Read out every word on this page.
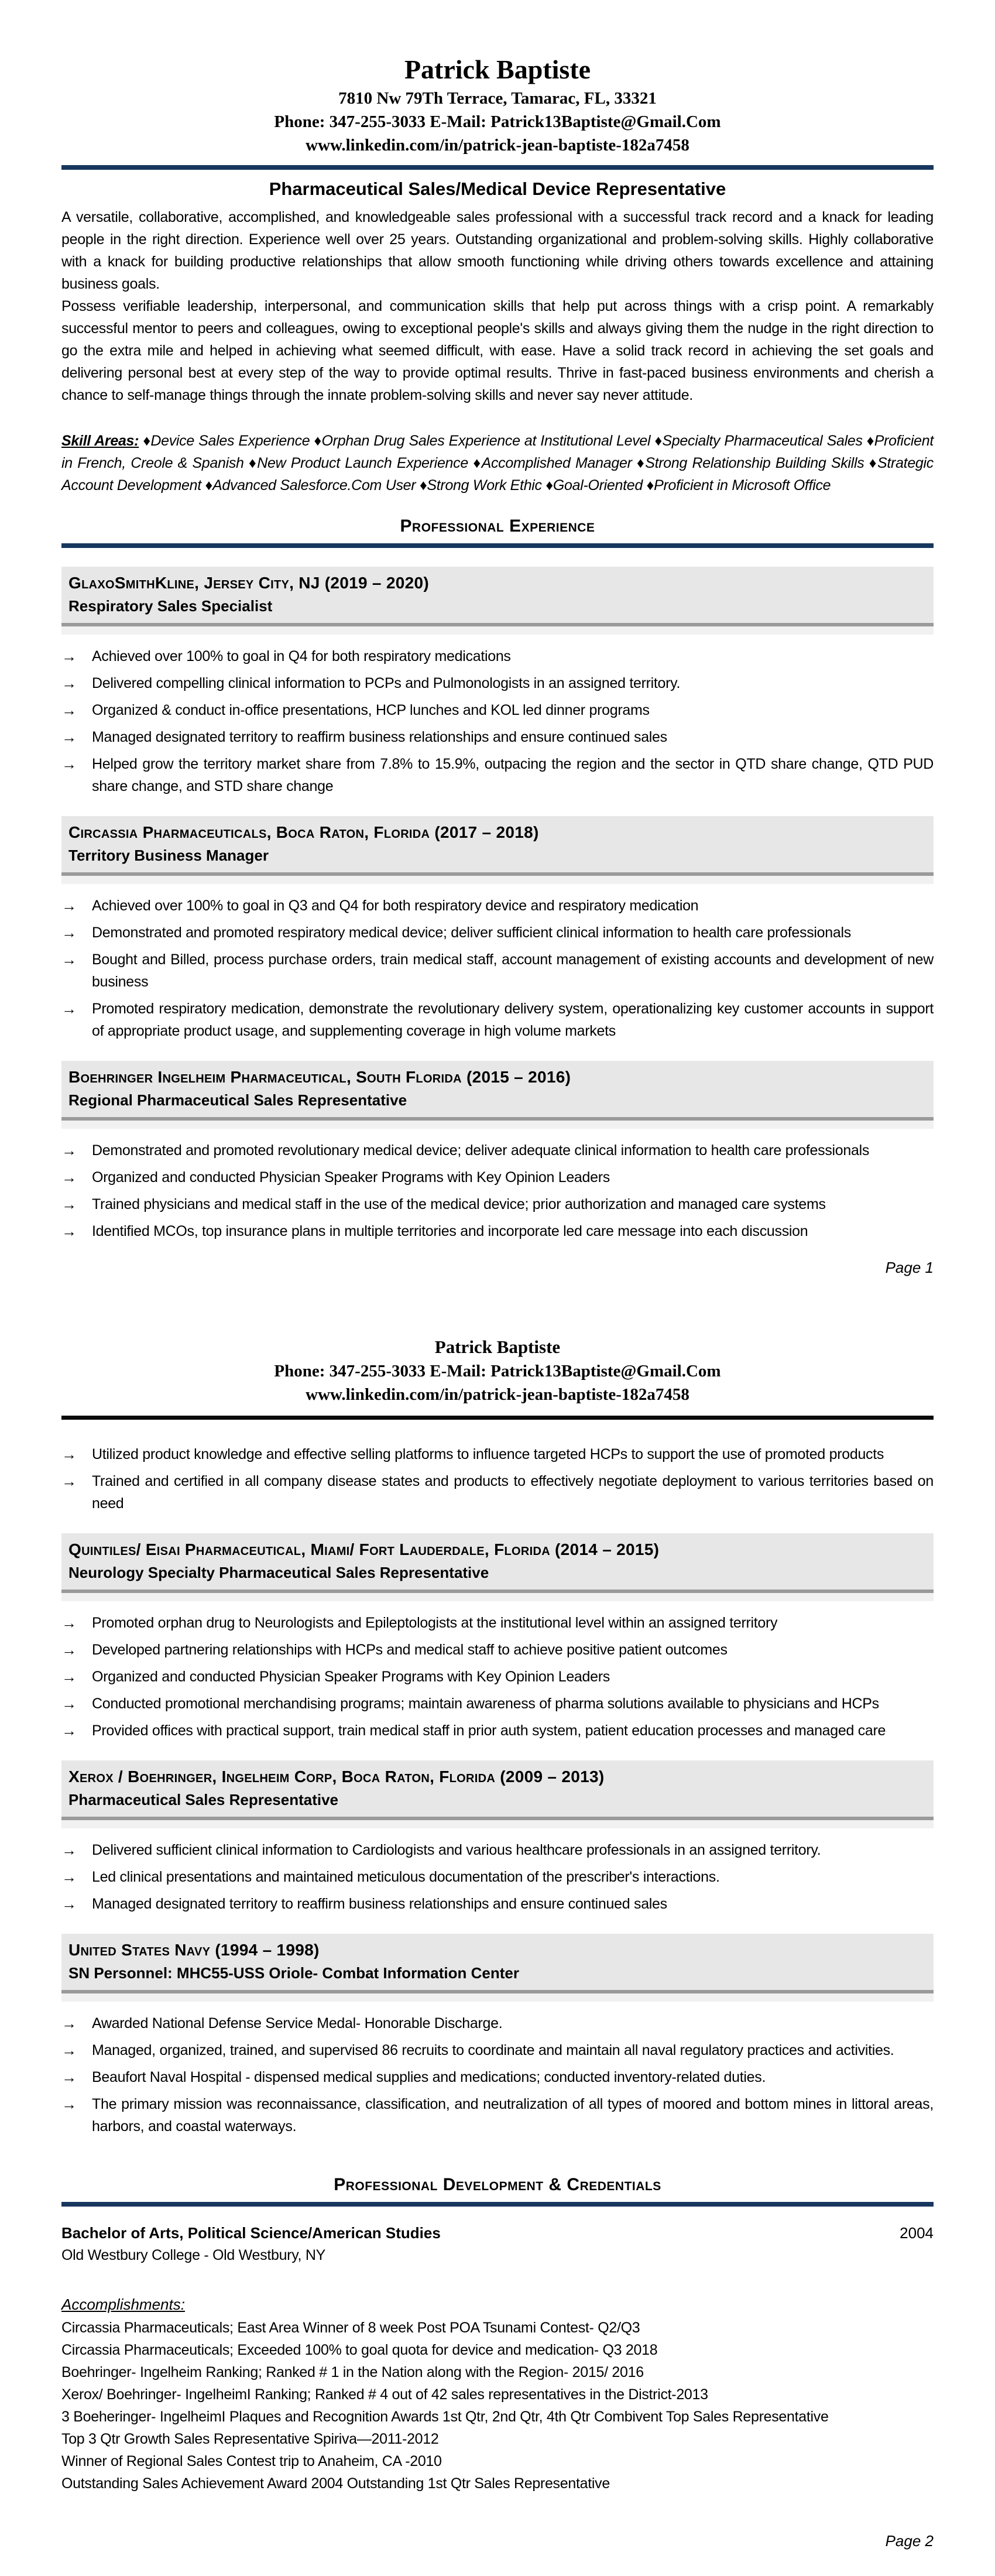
Patrick Baptiste
7810 Nw 79Th Terrace, Tamarac, FL, 33321
Phone: 347-255-3033 E-Mail: Patrick13Baptiste@Gmail.Com
www.linkedin.com/in/patrick-jean-baptiste-182a7458
Pharmaceutical Sales/Medical Device Representative

A versatile, collaborative, accomplished, and knowledgeable sales professional with a successful track record and a knack for leading people in the right direction. Experience well over 25 years. Outstanding organizational and problem-solving skills. Highly collaborative with a knack for building productive relationships that allow smooth functioning while driving others towards excellence and attaining business goals.

Possess verifiable leadership, interpersonal, and communication skills that help put across things with a crisp point. A remarkably successful mentor to peers and colleagues, owing to exceptional people's skills and always giving them the nudge in the right direction to go the extra mile and helped in achieving what seemed difficult, with ease. Have a solid track record in achieving the set goals and delivering personal best at every step of the way to provide optimal results. Thrive in fast-paced business environments and cherish a chance to self-manage things through the innate problem-solving skills and never say never attitude.

Skill Areas: ♦Device Sales Experience ♦Orphan Drug Sales Experience at Institutional Level ♦Specialty Pharmaceutical Sales ♦Proficient in French, Creole & Spanish ♦New Product Launch Experience ♦Accomplished Manager ♦Strong Relationship Building Skills ♦Strategic Account Development ♦Advanced Salesforce.Com User ♦Strong Work Ethic ♦Goal-Oriented ♦Proficient in Microsoft Office
Professional Experience
GlaxoSmithKline, Jersey City, NJ (2019 – 2020)
Respiratory Sales Specialist
→	Achieved over 100% to goal in Q4 for both respiratory medications
→	Delivered compelling clinical information to PCPs and Pulmonologists in an assigned territory.
→	Organized & conduct in-office presentations, HCP lunches and KOL led dinner programs
→	Managed designated territory to reaffirm business relationships and ensure continued sales
→	Helped grow the territory market share from 7.8% to 15.9%, outpacing the region and the sector in QTD share change, QTD PUD share change, and STD share change
Circassia Pharmaceuticals, Boca Raton, Florida (2017 – 2018)
Territory Business Manager
→	Achieved over 100% to goal in Q3 and Q4 for both respiratory device and respiratory medication
→	Demonstrated and promoted respiratory medical device; deliver sufficient clinical information to health care professionals
→	Bought and Billed, process purchase orders, train medical staff, account management of existing accounts and development of new business
→	Promoted respiratory medication, demonstrate the revolutionary delivery system, operationalizing key customer accounts in support of appropriate product usage, and supplementing coverage in high volume markets
Boehringer Ingelheim Pharmaceutical, South Florida (2015 – 2016)
Regional Pharmaceutical Sales Representative
→	Demonstrated and promoted revolutionary medical device; deliver adequate clinical information to health care professionals
→	Organized and conducted Physician Speaker Programs with Key Opinion Leaders
→	Trained physicians and medical staff in the use of the medical device; prior authorization and managed care systems
→	Identified MCOs, top insurance plans in multiple territories and incorporate led care message into each discussion
Page 1
Patrick Baptiste
Phone: 347-255-3033 E-Mail: Patrick13Baptiste@Gmail.Com
www.linkedin.com/in/patrick-jean-baptiste-182a7458
→	Utilized product knowledge and effective selling platforms to influence targeted HCPs to support the use of promoted products
→	Trained and certified in all company disease states and products to effectively negotiate deployment to various territories based on need
Quintiles/ Eisai Pharmaceutical, Miami/ Fort Lauderdale, Florida (2014 – 2015)
Neurology Specialty Pharmaceutical Sales Representative
→	Promoted orphan drug to Neurologists and Epileptologists at the institutional level within an assigned territory
→	Developed partnering relationships with HCPs and medical staff to achieve positive patient outcomes
→	Organized and conducted Physician Speaker Programs with Key Opinion Leaders
→	Conducted promotional merchandising programs; maintain awareness of pharma solutions available to physicians and HCPs
→	Provided offices with practical support, train medical staff in prior auth system, patient education processes and managed care
Xerox / Boehringer, Ingelheim Corp, Boca Raton, Florida (2009 – 2013)
Pharmaceutical Sales Representative
→	Delivered sufficient clinical information to Cardiologists and various healthcare professionals in an assigned territory.
→	Led clinical presentations and maintained meticulous documentation of the prescriber's interactions.
→	Managed designated territory to reaffirm business relationships and ensure continued sales
United States Navy (1994 – 1998)
SN Personnel: MHC55-USS Oriole- Combat Information Center
→	Awarded National Defense Service Medal- Honorable Discharge.
→	Managed, organized, trained, and supervised 86 recruits to coordinate and maintain all naval regulatory practices and activities.
→	Beaufort Naval Hospital - dispensed medical supplies and medications; conducted inventory-related duties.
→	The primary mission was reconnaissance, classification, and neutralization of all types of moored and bottom mines in littoral areas, harbors, and coastal waterways.
Professional Development & Credentials
Bachelor of Arts, Political Science/American Studies	2004
Old Westbury College - Old Westbury, NY
Accomplishments:
Circassia Pharmaceuticals; East Area Winner of 8 week Post POA Tsunami Contest- Q2/Q3
Circassia Pharmaceuticals; Exceeded 100% to goal quota for device and medication- Q3 2018
Boehringer- Ingelheim Ranking; Ranked # 1 in the Nation along with the Region- 2015/ 2016
Xerox/ Boehringer- IngelheimI Ranking; Ranked # 4 out of 42 sales representatives in the District-2013
3 Boeheringer- IngelheimI Plaques and Recognition Awards 1st Qtr, 2nd Qtr, 4th Qtr Combivent Top Sales Representative
Top 3 Qtr Growth Sales Representative Spiriva—2011-2012
Winner of Regional Sales Contest trip to Anaheim, CA -2010
Outstanding Sales Achievement Award 2004 Outstanding 1st Qtr Sales Representative
Page 2
